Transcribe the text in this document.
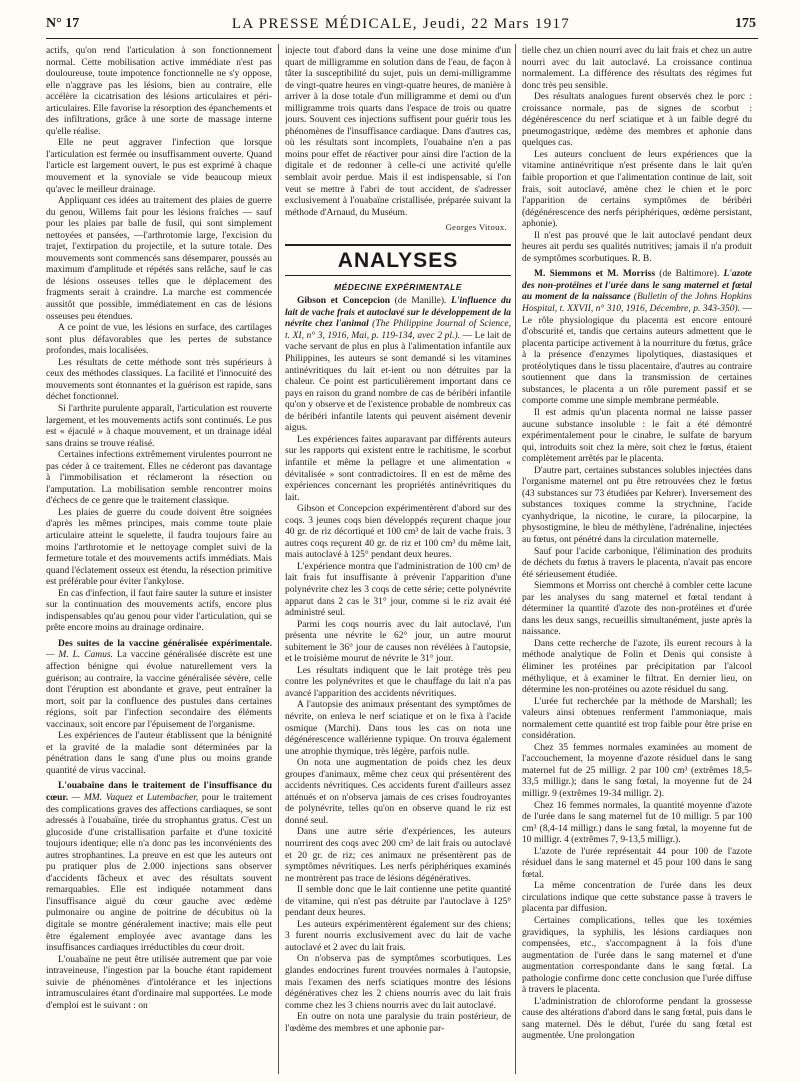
N° 17	LA PRESSE MÉDICALE, Jeudi, 22 Mars 1917	175

actifs, qu'on rend l'articulation à son fonctionnement normal. Cette mobilisation active immédiate n'est pas douloureuse, toute impotence fonctionnelle ne s'y oppose, elle n'aggrave pas les lésions, bien au contraire, elle accélère la cicatrisation des lésions articulaires et péri-articulaires. Elle favorise la résorption des épanchements et des infiltrations, grâce à une sorte de massage interne qu'elle réalise.

Elle ne peut aggraver l'infection que lorsque l'articulation est fermée ou insuffisamment ouverte. Quand l'article est largement ouvert, le pus est exprimé à chaque mouvement et la synoviale se vide beaucoup mieux qu'avec le meilleur drainage.

Appliquant ces idées au traitement des plaies de guerre du genou, Willems fait pour les lésions fraîches — sauf pour les plaies par balle de fusil, qui sont simplement nettoyées et pansées, —l'arthrotomie large, l'excision du trajet, l'extirpation du projectile, et la suture totale. Des mouvements sont commencés sans désemparer, poussés au maximum d'amplitude et répétés sans relâche, sauf le cas de lésions osseuses telles que le déplacement des fragments serait à craindre. La marche est commencée aussitôt que possible, immédiatement en cas de lésions osseuses peu étendues.

A ce point de vue, les lésions en surface, des cartilages sont plus défavorables que les pertes de substance profondes, mais localisées.

Les résultats de cette méthode sont très supérieurs à ceux des méthodes classiques. La facilité et l'innocuité des mouvements sont étonnantes et la guérison est rapide, sans déchet fonctionnel.

Si l'arthrite purulente apparaît, l'articulation est rouverte largement, et les mouvements actifs sont continués. Le pus est « éjaculé » à chaque mouvement, et un drainage idéal sans drains se trouve réalisé.

Certaines infections extrêmement virulentes pourront ne pas céder à ce traitement. Elles ne céderont pas davantage à l'immobilisation et réclameront la résection ou l'amputation. La mobilisation semble rencontrer moins d'échecs de ce genre que le traitement classique.

Les plaies de guerre du coude doivent être soignées d'après les mêmes principes, mais comme toute plaie articulaire atteint le squelette, il faudra toujours faire au moins l'arthrotomie et le nettoyage complet suivi de la fermeture totale et des mouvements actifs immédiats. Mais quand l'éclatement osseux est étendu, la résection primitive est préférable pour éviter l'ankylose.

En cas d'infection, il faut faire sauter la suture et insister sur la continuation des mouvements actifs, encore plus indispensables qu'au genou pour vider l'articulation, qui se prête encore moins au drainage ordinaire.

Des suites de la vaccine généralisée expérimentale. — M. L. Camus. La vaccine généralisée discrète est une affection bénigne qui évolue naturellement vers la guérison; au contraire, la vaccine généralisée sévère, celle dont l'éruption est abondante et grave, peut entraîner la mort, soit par la confluence des pustules dans certaines régions, soit par l'infection secondaire des éléments vaccinaux, soit encore par l'épuisement de l'organisme.

Les expériences de l'auteur établissent que la bénignité et la gravité de la maladie sont déterminées par la pénétration dans le sang d'une plus ou moins grande quantité de virus vaccinal.

L'ouabaïne dans le traitement de l'insuffisance du cœur. — MM. Vaquez et Lutembacher, pour le traitement des complications graves des affections cardiaques, se sont adressés à l'ouabaïne, tirée du strophantus gratus. C'est un glucoside d'une cristallisation parfaite et d'une toxicité toujours identique; elle n'a donc pas les inconvénients des autres strophantines. La preuve en est que les auteurs ont pu pratiquer plus de 2.000 injections sans observer d'accidents fâcheux et avec des résultats souvent remarquables. Elle est indiquée notamment dans l'insuffisance aiguë du cœur gauche avec œdème pulmonaire ou angine de poitrine de décubitus où la digitale se montre généralement inactive; mais elle peut être également employée avec avantage dans les insuffisances cardiaques irréductibles du cœur droit.

L'ouabaïne ne peut être utilisée autrement que par voie intraveineuse, l'ingestion par la bouche étant rapidement suivie de phénomènes d'intolérance et les injections intramusculaires étant d'ordinaire mal supportées. Le mode d'emploi est le suivant : on

injecte tout d'abord dans la veine une dose minime d'un quart de milligramme en solution dans de l'eau, de façon à tâter la susceptibilité du sujet, puis un demi-milligramme de vingt-quatre heures en vingt-quatre heures, de manière à arriver à la dose totale d'un milligramme et demi ou d'un milligramme trois quarts dans l'espace de trois ou quatre jours. Souvent ces injections suffisent pour guérir tous les phénomènes de l'insuffisance cardiaque. Dans d'autres cas, où les résultats sont incomplets, l'ouabaïne n'en a pas moins pour effet de réactiver pour ainsi dire l'action de la digitale et de redonner à celle-ci une activité qu'elle semblait avoir perdue. Mais il est indispensable, si l'on veut se mettre à l'abri de tout accident, de s'adresser exclusivement à l'ouabaïne cristallisée, préparée suivant la méthode d'Arnaud, du Muséum.

Georges Vitoux.
ANALYSES
MÉDECINE EXPÉRIMENTALE

Gibson et Concepcion (de Manille). L'influence du lait de vache frais et autoclavé sur le développement de la névrite chez l'animal (The Philippine Journal of Science, t. XI, n° 3, 1916, Mai, p. 119-134, avec 2 pl.). — Le lait de vache servant de plus en plus à l'alimentation infantile aux Philippines, les auteurs se sont demandé si les vitamines antinévritiques du lait et-ient ou non détruites par la chaleur. Ce point est particulièrement important dans ce pays en raison du grand nombre de cas de béribéri infantile qu'on y observe et de l'existence probable de nombreux cas de béribéri infantile latents qui peuvent aisément devenir aigus.

Les expériences faites auparavant par différents auteurs sur les rapports qui existent entre le rachitisme, le scorbut infantile et même la pellagre et une alimentation « dévitalisée » sont contradictoires. Il en est de même des expériences concernant les propriétés antinévritiques du lait.

Gibson et Concepcion expérimentèrent d'abord sur des coqs. 3 jeunes coqs bien développés reçurent chaque jour 40 gr. de riz décortiqué et 100 cm³ de lait de vache frais. 3 autres coqs reçurent 40 gr. de riz et 100 cm³ du même lait, mais autoclavé à 125° pendant deux heures.

L'expérience montra que l'administration de 100 cm³ de lait frais fut insuffisante à prévenir l'apparition d'une polynévrite chez les 3 coqs de cette série; cette polynévrite apparut dans 2 cas le 31° jour, comme si le riz avait été administré seul.

Parmi les coqs nourris avec du lait autoclavé, l'un présenta une névrite le 62° jour, un autre mourut subitement le 36° jour de causes non révélées à l'autopsie, et le troisième mourut de névrite le 31° jour.

Les résultats indiquent que le lait protège très peu contre les polynévrites et que le chauffage du lait n'a pas avancé l'apparition des accidents névritiques.

A l'autopsie des animaux présentant des symptômes de névrite, on enleva le nerf sciatique et on le fixa à l'acide osmique (Marchi). Dans tous les cas on nota une dégénérescence wallérienne typique. On trouva également une atrophie thymique, très légère, parfois nulle.

On nota une augmentation de poids chez les deux groupes d'animaux, même chez ceux qui présentèrent des accidents névritiques. Ces accidents furent d'ailleurs assez atténués et on n'observa jamais de ces crises foudroyantes de polynévrite, telles qu'on en observe quand le riz est donné seul.

Dans une autre série d'expériences, les auteurs nourrirent des coqs avec 200 cm³ de lait frais ou autoclavé et 20 gr. de riz; ces animaux ne présentèrent pas de symptômes névritiques. Les nerfs périphériques examinés ne montrèrent pas trace de lésions dégénératives.

Il semble donc que le lait contienne une petite quantité de vitamine, qui n'est pas détruite par l'autoclave à 125° pendant deux heures.

Les auteurs expérimentèrent également sur des chiens; 3 furent nourris exclusivement avec du lait de vache autoclavé et 2 avec du lait frais.

On n'observa pas de symptômes scorbutiques. Les glandes endocrines furent trouvées normales à l'autopsie, mais l'examen des nerfs sciatiques montre des lésions dégénératives chez les 2 chiens nourris avec du lait frais comme chez les 3 chiens nourris avec du lait autoclavé.

En outre on nota une paralysie du train postérieur, de l'œdème des membres et une aphonie par-

tielle chez un chien nourri avec du lait frais et chez un autre nourri avec du lait autoclavé. La croissance continua normalement. La différence des résultats des régimes fut donc très peu sensible.

Des résultats analogues furent observés chez le porc : croissance normale, pas de signes de scorbut : dégénérescence du nerf sciatique et à un faible degré du pneumogastrique, œdème des membres et aphonie dans quelques cas.

Les auteurs concluent de leurs expériences que la vitamine antinévritique n'est présente dans le lait qu'en faible proportion et que l'alimentation continue de lait, soit frais, soit autoclavé, amène chez le chien et le porc l'apparition de certains symptômes de béribéri (dégénérescence des nerfs périphériques, œdème persistant, aphonie).

Il n'est pas prouvé que le lait autoclavé pendant deux heures ait perdu ses qualités nutritives; jamais il n'a produit de symptômes scorbutiques. R. B.

M. Siemmons et M. Morriss (de Baltimore). L'azote des non-protéines et l'urée dans le sang maternel et fœtal au moment de la naissance (Bulletin of the Johns Hopkins Hospital, t. XXVII, n° 310, 1916, Décembre, p. 343-350). — Le rôle physiologique du placenta est encore entouré d'obscurité et, tandis que certains auteurs admettent que le placenta participe activement à la nourriture du fœtus, grâce à la présence d'enzymes lipolytiques, diastasiques et protéolytiques dans le tissu placentaire, d'autres au contraire soutiennent que dans la transmission de certaines substances, le placenta a un rôle purement passif et se comporte comme une simple membrane perméable.

Il est admis qu'un placenta normal ne laisse passer aucune substance insoluble : le fait a été démontré expérimentalement pour le cinabre, le sulfate de baryum qui, introduits soit chez la mère, soit chez le fœtus, étaient complètement arrêtés par le placenta.

D'autre part, certaines substances solubles injectées dans l'organisme maternel ont pu être retrouvées chez le fœtus (43 substances sur 73 étudiées par Kehrer). Inversement des substances toxiques comme la strychnine, l'acide cyanhydrique, la nicotine, le curare, la pilocarpine, la physostigmine, le bleu de méthylène, l'adrénaline, injectées au fœtus, ont pénétré dans la circulation maternelle.

Sauf pour l'acide carbonique, l'élimination des produits de déchets du fœtus à travers le placenta, n'avait pas encore été sérieusement étudiée.

Siemmons et Morriss ont cherché à combler cette lacune par les analyses du sang maternel et fœtal tendant à déterminer la quantité d'azote des non-protéines et d'urée dans les deux sangs, recueillis simultanément, juste après la naissance.

Dans cette recherche de l'azote, ils eurent recours à la méthode analytique de Folin et Denis qui consiste à éliminer les protéines par précipitation par l'alcool méthylique, et à examiner le filtrat. En dernier lieu, on détermine les non-protéines ou azote résiduel du sang.

L'urée fut recherchée par la méthode de Marshall; les valeurs ainsi obtenues renferment l'ammoniaque, mais normalement cette quantité est trop faible pour être prise en considération.

Chez 35 femmes normales examinées au moment de l'accouchement, la moyenne d'azote résiduel dans le sang maternel fut de 25 milligr. 2 par 100 cm³ (extrêmes 18,5-33,5 milligr.); dans le sang fœtal, la moyenne fut de 24 milligr. 9 (extrêmes 19-34 milligr. 2).

Chez 16 femmes normales, la quantité moyenne d'azote de l'urée dans le sang maternel fut de 10 milligr. 5 par 100 cm³ (8,4-14 milligr.) dans le sang fœtal, la moyenne fut de 10 milligr. 4 (extrêmes 7, 9-13,5 milligr.).

L'azote de l'urée représentait 44 pour 100 de l'azote résiduel dans le sang maternel et 45 pour 100 dans le sang fœtal.

La même concentration de l'urée dans les deux circulations indique que cette substance passe à travers le placenta par diffusion.

Certaines complications, telles que les toxémies gravidiques, la syphilis, les lésions cardiaques non compensées, etc., s'accompagnent à la fois d'une augmentation de l'urée dans le sang maternel et d'une augmentation correspondante dans le sang fœtal. La pathologie confirme donc cette conclusion que l'urée diffuse à travers le placenta.

L'administration de chloroforme pendant la grossesse cause des altérations d'abord dans le sang fœtal, puis dans le sang maternel. Dès le début, l'urée du sang fœtal est augmentée. Une prolongation
